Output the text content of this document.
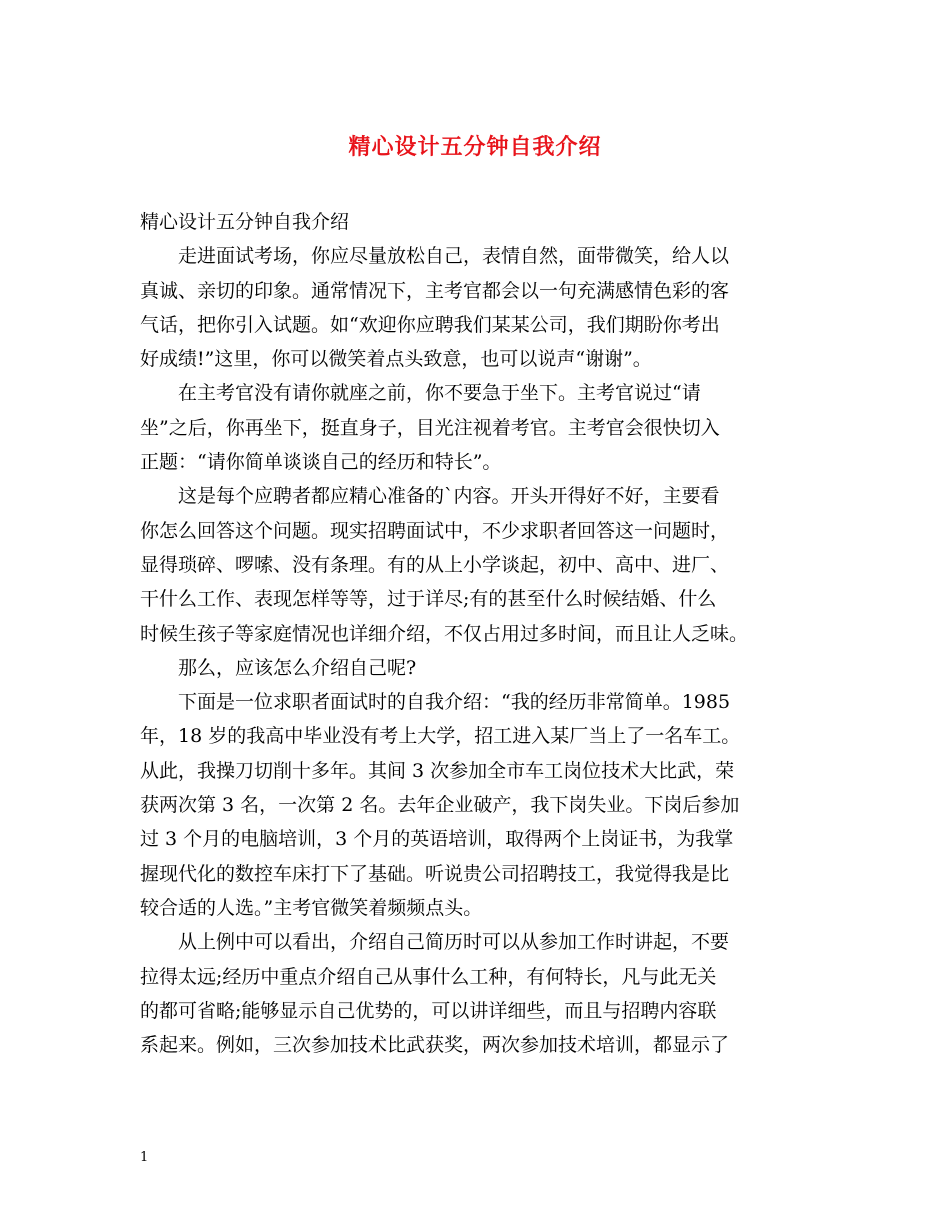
精心设计五分钟自我介绍
精心设计五分钟自我介绍
　　走进面试考场，你应尽量放松自己，表情自然，面带微笑，给人以
真诚、亲切的印象。通常情况下，主考官都会以一句充满感情色彩的客
气话，把你引入试题。如“欢迎你应聘我们某某公司，我们期盼你考出
好成绩!”这里，你可以微笑着点头致意，也可以说声“谢谢”。
　　在主考官没有请你就座之前，你不要急于坐下。主考官说过“请
坐”之后，你再坐下，挺直身子，目光注视着考官。主考官会很快切入
正题：“请你简单谈谈自己的经历和特长”。
　　这是每个应聘者都应精心准备的`内容。开头开得好不好，主要看
你怎么回答这个问题。现实招聘面试中，不少求职者回答这一问题时，
显得琐碎、啰嗦、没有条理。有的从上小学谈起，初中、高中、进厂、
干什么工作、表现怎样等等，过于详尽;有的甚至什么时候结婚、什么
时候生孩子等家庭情况也详细介绍，不仅占用过多时间，而且让人乏味。
　　那么，应该怎么介绍自己呢?
　　下面是一位求职者面试时的自我介绍：“我的经历非常简单。1985
年，18 岁的我高中毕业没有考上大学，招工进入某厂当上了一名车工。
从此，我操刀切削十多年。其间 3 次参加全市车工岗位技术大比武，荣
获两次第 3 名，一次第 2 名。去年企业破产，我下岗失业。下岗后参加
过 3 个月的电脑培训，3 个月的英语培训，取得两个上岗证书，为我掌
握现代化的数控车床打下了基础。听说贵公司招聘技工，我觉得我是比
较合适的人选。”主考官微笑着频频点头。
　　从上例中可以看出，介绍自己简历时可以从参加工作时讲起，不要
拉得太远;经历中重点介绍自己从事什么工种，有何特长，凡与此无关
的都可省略;能够显示自己优势的，可以讲详细些，而且与招聘内容联
系起来。例如，三次参加技术比武获奖，两次参加技术培训，都显示了
1
